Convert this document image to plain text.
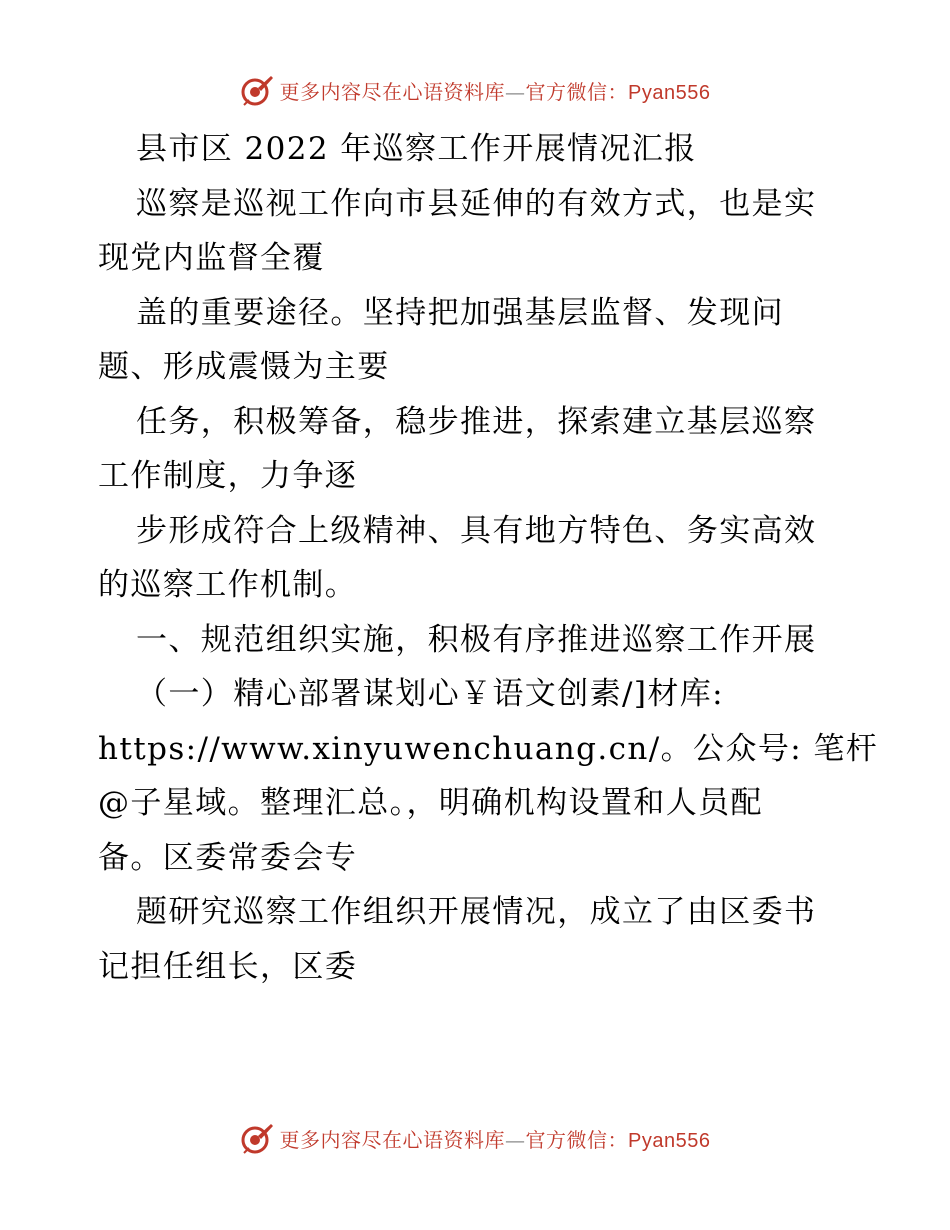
更多内容尽在心语资料库—官方微信：Pyan556
县市区 2022 年巡察工作开展情况汇报
巡察是巡视工作向市县延伸的有效方式，也是实
现党内监督全覆
盖的重要途径。坚持把加强基层监督、发现问
题、形成震慑为主要
任务，积极筹备，稳步推进，探索建立基层巡察
工作制度，力争逐
步形成符合上级精神、具有地方特色、务实高效
的巡察工作机制。
一、规范组织实施，积极有序推进巡察工作开展
（一）精心部署谋划心￥语文创素/]材库:
https://www.xinyuwenchuang.cn/。公众号: 笔杆
@子星域。整理汇总。，明确机构设置和人员配
备。区委常委会专
题研究巡察工作组织开展情况，成立了由区委书
记担任组长，区委
更多内容尽在心语资料库—官方微信：Pyan556
